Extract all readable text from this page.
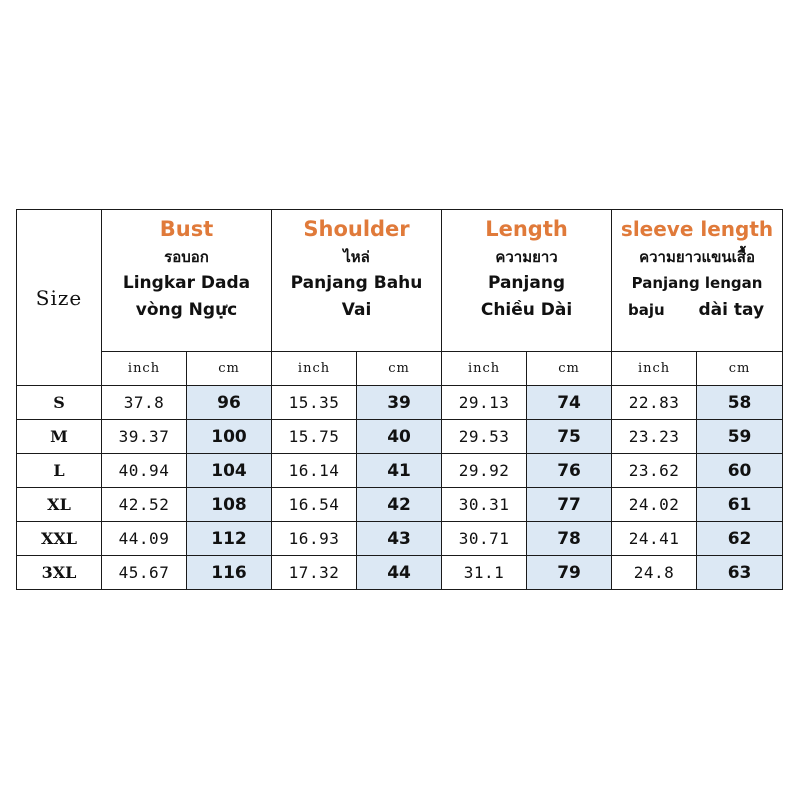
Size	Bust
รอบอก
Lingkar Dada
vòng Ngực		Shoulder
ไหล่
Panjang Bahu
Vai		Length
ความยาว
Panjang
Chiều Dài		sleeve length
ความยาวแขนเสื้อ
Panjang lengan
baju dài tay	

	inch	cm	inch	cm	inch	cm	inch	cm
S	37.8	96	15.35	39	29.13	74	22.83	58
M	39.37	100	15.75	40	29.53	75	23.23	59
L	40.94	104	16.14	41	29.92	76	23.62	60
XL	42.52	108	16.54	42	30.31	77	24.02	61
XXL	44.09	112	16.93	43	30.71	78	24.41	62
3XL	45.67	116	17.32	44	31.1	79	24.8	63
